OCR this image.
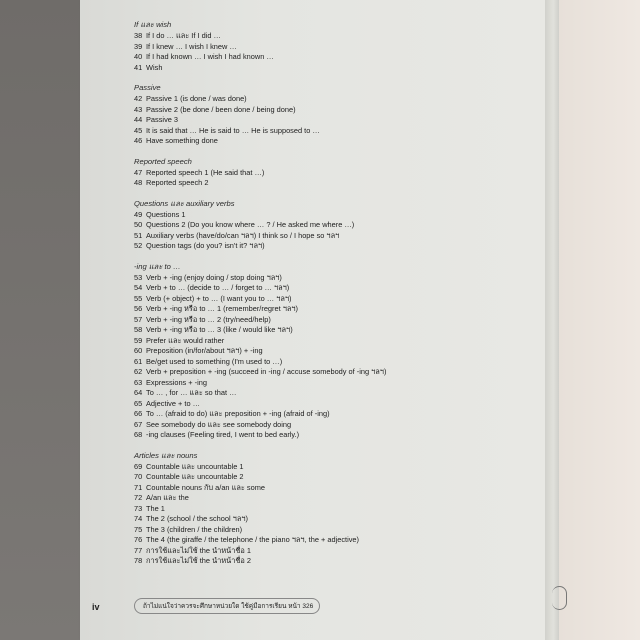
If และ wish
38 If I do … และ If I did …
39 If I knew … I wish I knew …
40 If I had known … I wish I had known …
41 Wish
Passive
42 Passive 1 (is done / was done)
43 Passive 2 (be done / been done / being done)
44 Passive 3
45 It is said that … He is said to … He is supposed to …
46 Have something done
Reported speech
47 Reported speech 1 (He said that …)
48 Reported speech 2
Questions และ auxiliary verbs
49 Questions 1
50 Questions 2 (Do you know where … ? / He asked me where …)
51 Auxiliary verbs (have/do/can ฯลฯ) I think so / I hope so ฯลฯ
52 Question tags (do you? isn't it? ฯลฯ)
-ing และ to …
53 Verb + -ing (enjoy doing / stop doing ฯลฯ)
54 Verb + to … (decide to … / forget to … ฯลฯ)
55 Verb (+ object) + to … (I want you to … ฯลฯ)
56 Verb + -ing หรือ to … 1 (remember/regret ฯลฯ)
57 Verb + -ing หรือ to … 2 (try/need/help)
58 Verb + -ing หรือ to … 3 (like / would like ฯลฯ)
59 Prefer และ would rather
60 Preposition (in/for/about ฯลฯ) + -ing
61 Be/get used to something (I'm used to …)
62 Verb + preposition + -ing (succeed in -ing / accuse somebody of -ing ฯลฯ)
63 Expressions + -ing
64 To … , for … และ so that …
65 Adjective + to …
66 To … (afraid to do) และ preposition + -ing (afraid of -ing)
67 See somebody do และ see somebody doing
68 -ing clauses (Feeling tired, I went to bed early.)
Articles และ nouns
69 Countable และ uncountable 1
70 Countable และ uncountable 2
71 Countable nouns กับ a/an และ some
72 A/an และ the
73 The 1
74 The 2 (school / the school ฯลฯ)
75 The 3 (children / the children)
76 The 4 (the giraffe / the telephone / the piano ฯลฯ, the + adjective)
77 การใช้และไม่ใช้ the นำหน้าชื่อ 1
78 การใช้และไม่ใช้ the นำหน้าชื่อ 2
iv	ถ้าไม่แน่ใจว่าควรจะศึกษาหน่วยใด ใช้คู่มือการเรียน หน้า 326
